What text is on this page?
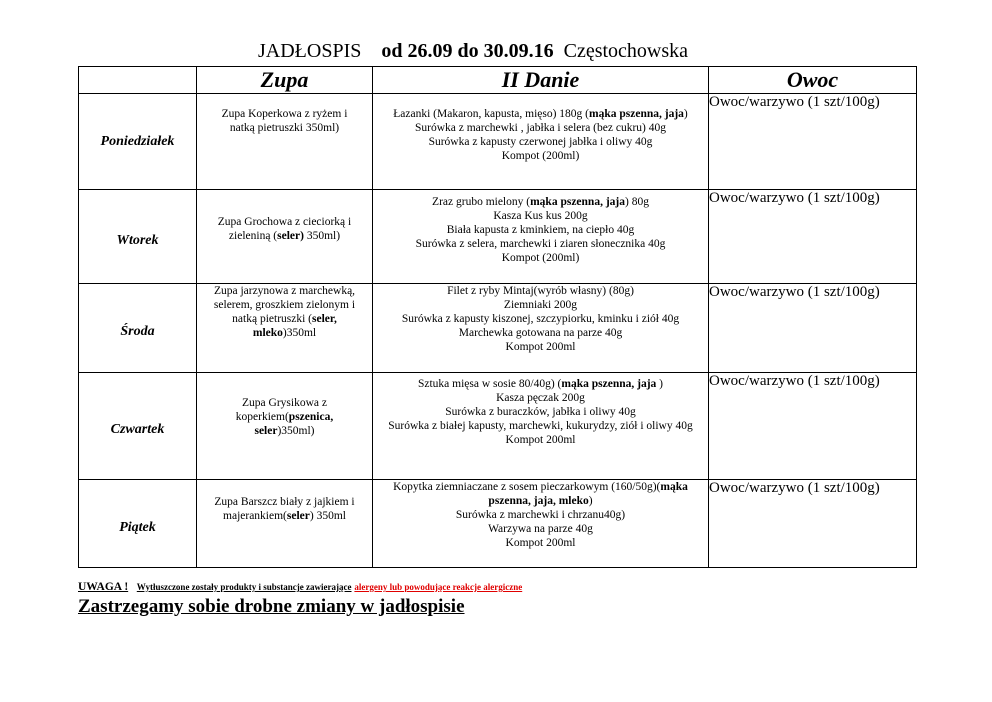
JADŁOSPIS od 26.09 do 30.09.16 Częstochowska
	Zupa	II Danie	Owoc
Poniedziałek	Zupa Koperkowa z ryżem i natką pietruszki 350ml)	Łazanki (Makaron, kapusta, mięso) 180g (mąka pszenna, jaja)
Surówka z marchewki , jabłka i selera (bez cukru) 40g
Surówka z kapusty czerwonej jabłka i oliwy 40g
Kompot (200ml)	Owoc/warzywo (1 szt/100g)
Wtorek	Zupa Grochowa z cieciorką i zieleniną (seler) 350ml)	Zraz grubo mielony (mąka pszenna, jaja) 80g
Kasza Kus kus 200g
Biała kapusta z kminkiem, na ciepło 40g
Surówka z selera, marchewki i ziaren słonecznika 40g
Kompot (200ml)	Owoc/warzywo (1 szt/100g)
Środa	Zupa jarzynowa z marchewką, selerem, groszkiem zielonym i natką pietruszki (seler, mleko)350ml	Filet z ryby Mintaj(wyrób własny) (80g)
Ziemniaki 200g
Surówka z kapusty kiszonej, szczypiorku, kminku i ziół 40g
Marchewka gotowana na parze 40g
Kompot 200ml	Owoc/warzywo (1 szt/100g)
Czwartek	Zupa Grysikowa z koperkiem(pszenica, seler)350ml)	Sztuka mięsa w sosie 80/40g) (mąka pszenna, jaja )
Kasza pęczak 200g
Surówka z buraczków, jabłka i oliwy 40g
Surówka z białej kapusty, marchewki, kukurydzy, ziół i oliwy 40g
Kompot 200ml	Owoc/warzywo (1 szt/100g)
Piątek	Zupa Barszcz biały z jajkiem i majerankiem(seler) 350ml	Kopytka ziemniaczane z sosem pieczarkowym (160/50g)(mąka pszenna, jaja, mleko)
Surówka z marchewki i chrzanu40g)
Warzywa na parze 40g
Kompot 200ml	Owoc/warzywo (1 szt/100g)
UWAGA ! Wytłuszczone zostały produkty i substancje zawierające alergeny lub powodujące reakcje alergiczne
Zastrzegamy sobie drobne zmiany w jadłospisie
